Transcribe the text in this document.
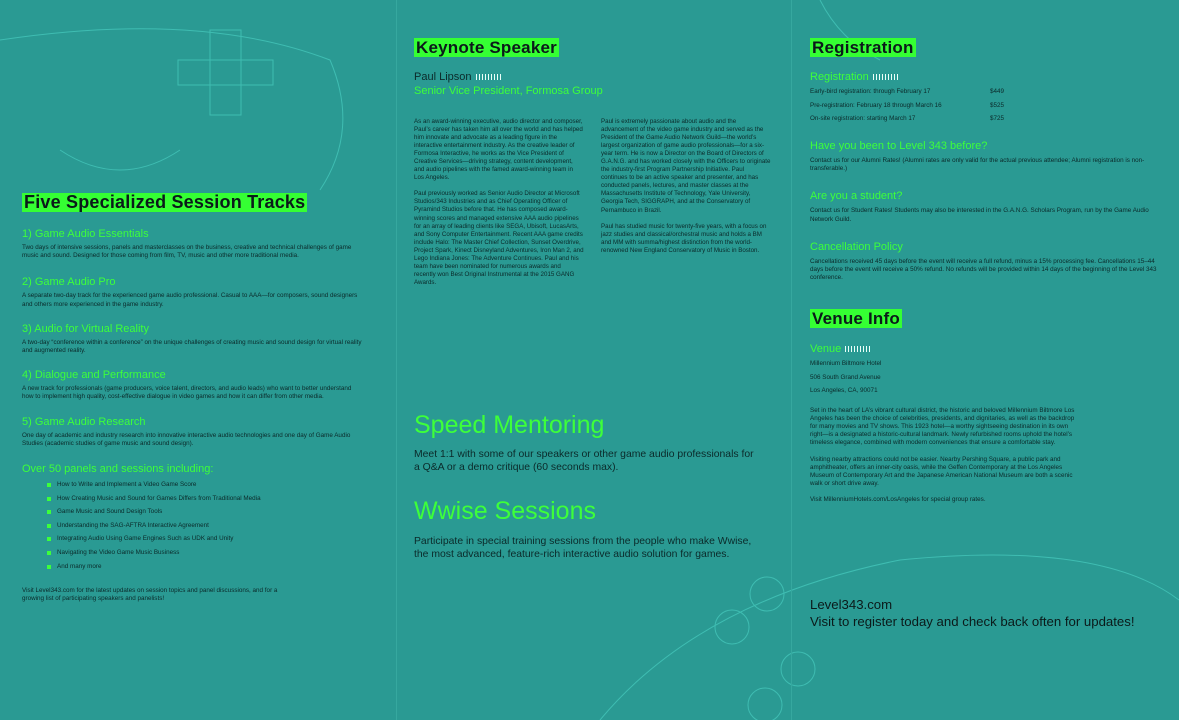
Five Specialized Session Tracks

1) Game Audio Essentials

Two days of intensive sessions, panels and masterclasses on the business, creative and technical challenges of game music and sound. Designed for those coming from film, TV, music and other more traditional media.

2) Game Audio Pro

A separate two-day track for the experienced game audio professional. Casual to AAA—for composers, sound designers and others more experienced in the game industry.

3) Audio for Virtual Reality

A two-day “conference within a conference” on the unique challenges of creating music and sound design for virtual reality and augmented reality.

4) Dialogue and Performance

A new track for professionals (game producers, voice talent, directors, and audio leads) who want to better understand how to implement high quality, cost-effective dialogue in video games and how it can differ from other media.

5) Game Audio Research

One day of academic and industry research into innovative interactive audio technologies and one day of Game Audio Studies (academic studies of game music and sound design).

Over 50 panels and sessions including:

How to Write and Implement a Video Game Score
How Creating Music and Sound for Games Differs from Traditional Media
Game Music and Sound Design Tools
Understanding the SAG-AFTRA Interactive Agreement
Integrating Audio Using Game Engines Such as UDK and Unity
Navigating the Video Game Music Business
And many more

Visit Level343.com for the latest updates on session topics and panel discussions, and for a growing list of participating speakers and panelists!

Keynote Speaker
Paul Lipson
Senior Vice President, Formosa Group

As an award-winning executive, audio director and composer, Paul’s career has taken him all over the world and has helped him innovate and advocate as a leading figure in the interactive entertainment industry. As the creative leader of Formosa Interactive, he works as the Vice President of Creative Services—driving strategy, content development, and audio pipelines with the famed award-winning team in Los Angeles.

Paul previously worked as Senior Audio Director at Microsoft Studios/343 Industries and as Chief Operating Officer of Pyramind Studios before that. He has composed award-winning scores and managed extensive AAA audio pipelines for an array of leading clients like SEGA, Ubisoft, LucasArts, and Sony Computer Entertainment. Recent AAA game credits include Halo: The Master Chief Collection, Sunset Overdrive, Project Spark, Kinect Disneyland Adventures, Iron Man 2, and Lego Indiana Jones: The Adventure Continues. Paul and his team have been nominated for numerous awards and recently won Best Original Instrumental at the 2015 GANG Awards.

Paul is extremely passionate about audio and the advancement of the video game industry and served as the President of the Game Audio Network Guild—the world’s largest organization of game audio professionals—for a six-year term. He is now a Director on the Board of Directors of G.A.N.G. and has worked closely with the Officers to originate the industry-first Program Partnership Initiative. Paul continues to be an active speaker and presenter, and has conducted panels, lectures, and master classes at the Massachusetts Institute of Technology, Yale University, Georgia Tech, SIGGRAPH, and at the Conservatory of Pernambuco in Brazil.

Paul has studied music for twenty-five years, with a focus on jazz studies and classical/orchestral music and holds a BM and MM with summa/highest distinction from the world-renowned New England Conservatory of Music in Boston.

Speed Mentoring

Meet 1:1 with some of our speakers or other game audio professionals for a Q&A or a demo critique (60 seconds max).

Wwise Sessions

Participate in special training sessions from the people who make Wwise, the most advanced, feature-rich interactive audio solution for games.

Registration
Registration
Early-bird registration: through February 17	$449
Pre-registration: February 18 through March 16	$525
On-site registration: starting March 17	$725

Have you been to Level 343 before?

Contact us for our Alumni Rates! (Alumni rates are only valid for the actual previous attendee; Alumni registration is non-transferable.)

Are you a student?

Contact us for Student Rates! Students may also be interested in the G.A.N.G. Scholars Program, run by the Game Audio Network Guild.

Cancellation Policy

Cancellations received 45 days before the event will receive a full refund, minus a 15% processing fee. Cancellations 15–44 days before the event will receive a 50% refund. No refunds will be provided within 14 days of the beginning of the Level 343 conference.

Venue Info
Venue
Millennium Biltmore Hotel
506 South Grand Avenue
Los Angeles, CA, 90071

Set in the heart of LA’s vibrant cultural district, the historic and beloved Millennium Biltmore Los Angeles has been the choice of celebrities, presidents, and dignitaries, as well as the backdrop for many movies and TV shows. This 1923 hotel—a worthy sightseeing destination in its own right—is a designated a historic-cultural landmark. Newly refurbished rooms uphold the hotel’s timeless elegance, combined with modern conveniences that ensure a comfortable stay.

Visiting nearby attractions could not be easier. Nearby Pershing Square, a public park and amphitheater, offers an inner-city oasis, while the Geffen Contemporary at the Los Angeles Museum of Contemporary Art and the Japanese American National Museum are both a scenic walk or short drive away.

Visit MillenniumHotels.com/LosAngeles for special group rates.

Level343.com
Visit to register today and check back often for updates!
